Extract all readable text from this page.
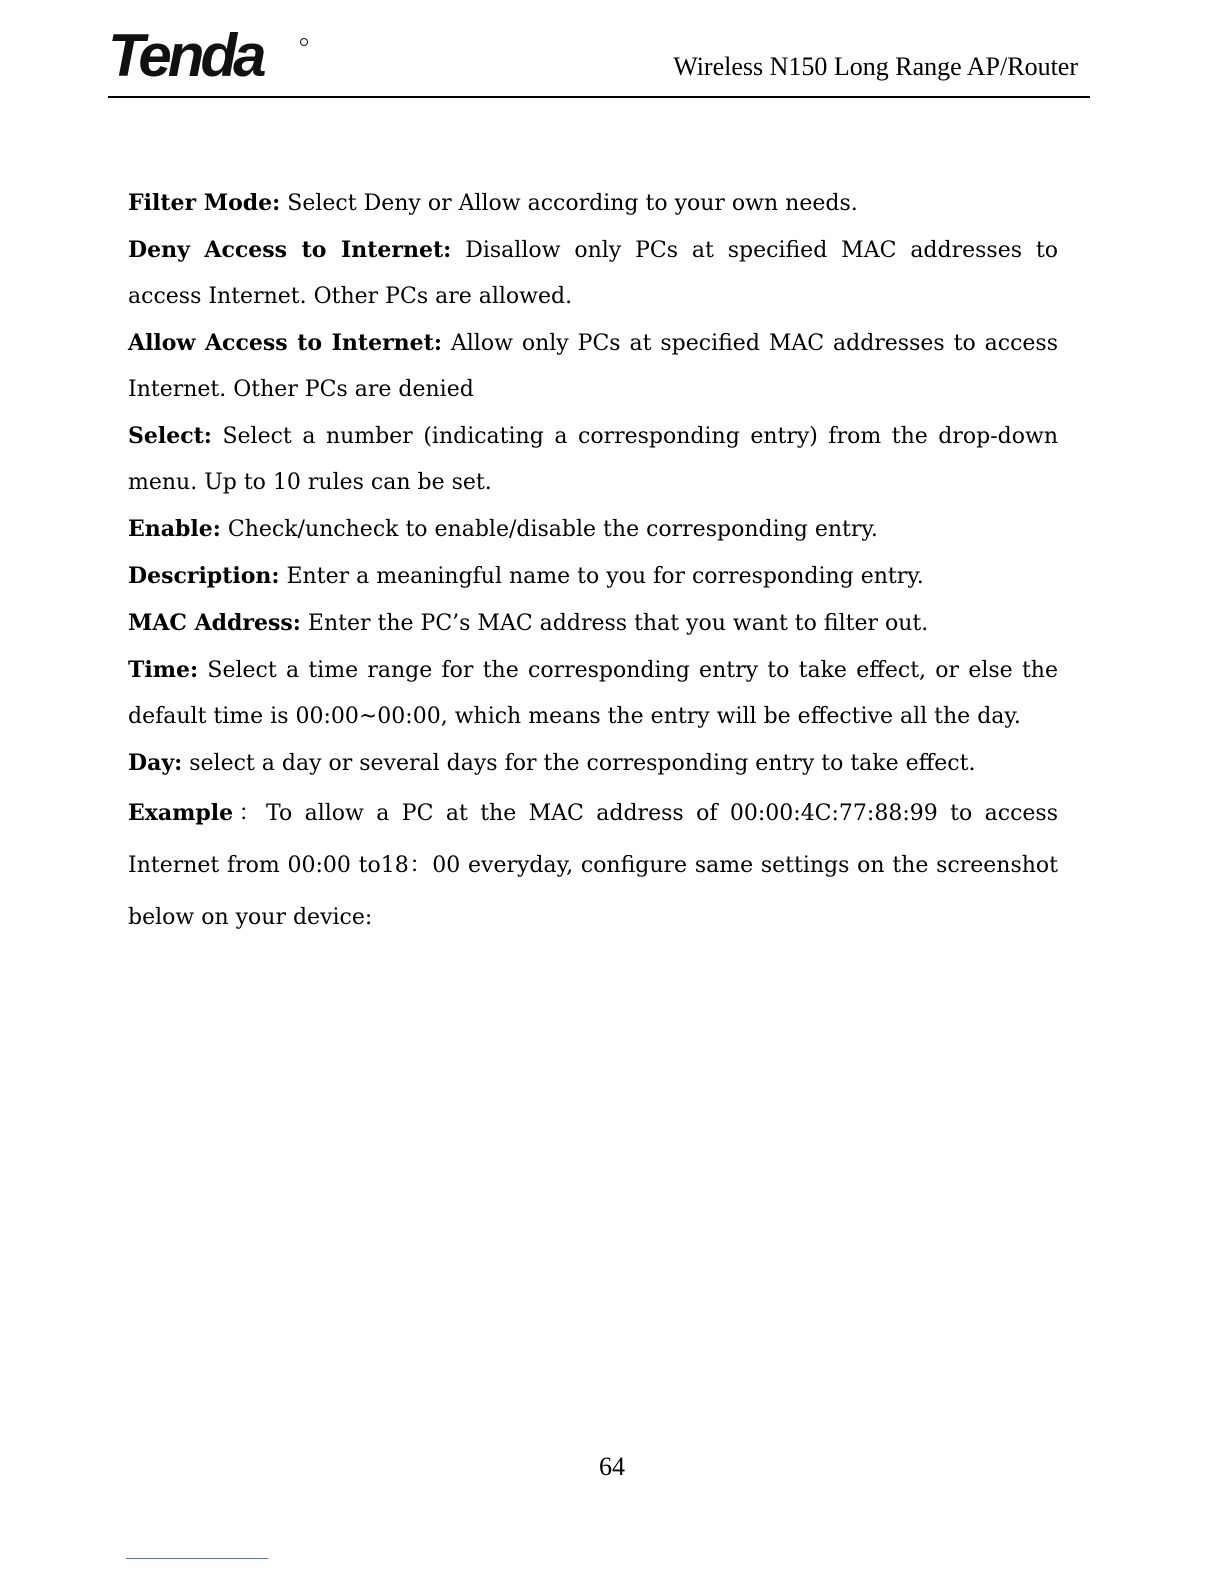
Tenda	Wireless N150 Long Range AP/Router

Filter Mode: Select Deny or Allow according to your own needs.

Deny Access to Internet: Disallow only PCs at specified MAC addresses to access Internet. Other PCs are allowed.

Allow Access to Internet: Allow only PCs at specified MAC addresses to access Internet. Other PCs are denied

Select: Select a number (indicating a corresponding entry) from the drop-down menu. Up to 10 rules can be set.

Enable: Check/uncheck to enable/disable the corresponding entry.

Description: Enter a meaningful name to you for corresponding entry.

MAC Address: Enter the PC’s MAC address that you want to filter out.

Time: Select a time range for the corresponding entry to take effect, or else the default time is 00:00~00:00, which means the entry will be effective all the day.

Day: select a day or several days for the corresponding entry to take effect.

Example：To allow a PC at the MAC address of 00:00:4C:77:88:99 to access Internet from 00:00 to18：00 everyday, configure same settings on the screenshot below on your device:

64
